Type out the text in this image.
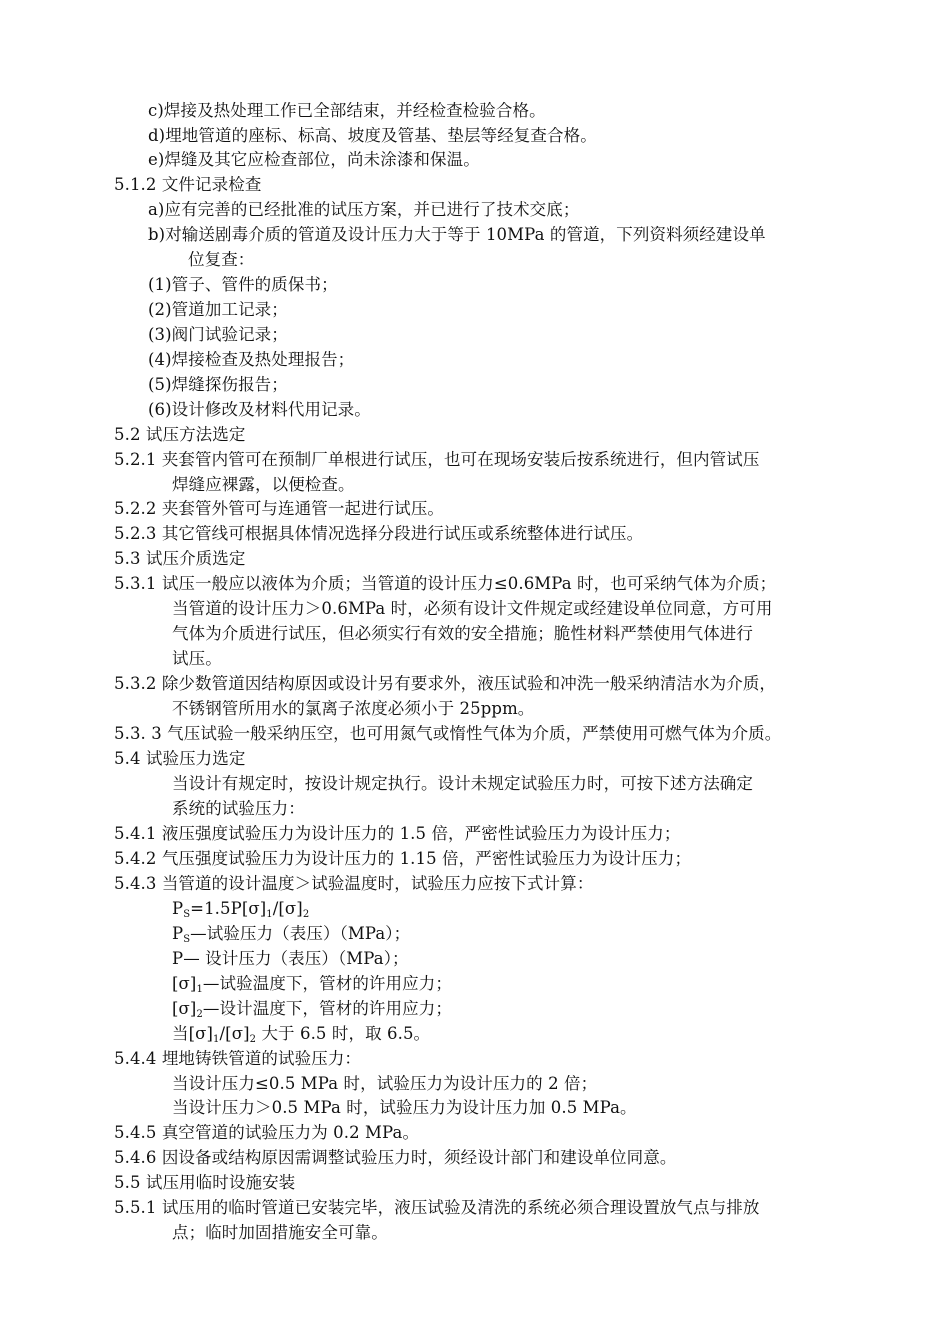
c)焊接及热处理工作已全部结束，并经检查检验合格。
d)埋地管道的座标、标高、坡度及管基、垫层等经复查合格。
e)焊缝及其它应检查部位，尚未涂漆和保温。
5.1.2 文件记录检查
a)应有完善的已经批准的试压方案，并已进行了技术交底；
b)对输送剧毒介质的管道及设计压力大于等于 10MPa 的管道，下列资料须经建设单
位复查：
(1)管子、管件的质保书；
(2)管道加工记录；
(3)阀门试验记录；
(4)焊接检查及热处理报告；
(5)焊缝探伤报告；
(6)设计修改及材料代用记录。
5.2 试压方法选定
5.2.1 夹套管内管可在预制厂单根进行试压，也可在现场安装后按系统进行，但内管试压
焊缝应裸露，以便检查。
5.2.2 夹套管外管可与连通管一起进行试压。
5.2.3 其它管线可根据具体情况选择分段进行试压或系统整体进行试压。
5.3 试压介质选定
5.3.1 试压一般应以液体为介质；当管道的设计压力≤0.6MPa 时，也可采纳气体为介质；
当管道的设计压力＞0.6MPa 时，必须有设计文件规定或经建设单位同意，方可用
气体为介质进行试压，但必须实行有效的安全措施；脆性材料严禁使用气体进行
试压。
5.3.2 除少数管道因结构原因或设计另有要求外，液压试验和冲洗一般采纳清洁水为介质，
不锈钢管所用水的氯离子浓度必须小于 25ppm。
5.3. 3 气压试验一般采纳压空，也可用氮气或惰性气体为介质，严禁使用可燃气体为介质。
5.4 试验压力选定
当设计有规定时，按设计规定执行。设计未规定试验压力时，可按下述方法确定
系统的试验压力：
5.4.1 液压强度试验压力为设计压力的 1.5 倍，严密性试验压力为设计压力；
5.4.2 气压强度试验压力为设计压力的 1.15 倍，严密性试验压力为设计压力；
5.4.3 当管道的设计温度＞试验温度时，试验压力应按下式计算：
$P_S=1.5P[\sigma]_1/[\sigma]_2$
$P_S—$试验压力（表压）（MPa）；
P— 设计压力（表压）（MPa）；
$[\sigma]_1—$试验温度下，管材的许用应力；
$[\sigma]_2—$设计温度下，管材的许用应力；
当$[\sigma]_1/[\sigma]_2$ 大于 6.5 时，取 6.5。
5.4.4 埋地铸铁管道的试验压力：
当设计压力≤0.5 MPa 时，试验压力为设计压力的 2 倍；
当设计压力＞0.5 MPa 时，试验压力为设计压力加 0.5 MPa。
5.4.5 真空管道的试验压力为 0.2 MPa。
5.4.6 因设备或结构原因需调整试验压力时，须经设计部门和建设单位同意。
5.5 试压用临时设施安装
5.5.1 试压用的临时管道已安装完毕，液压试验及清洗的系统必须合理设置放气点与排放
点；临时加固措施安全可靠。
